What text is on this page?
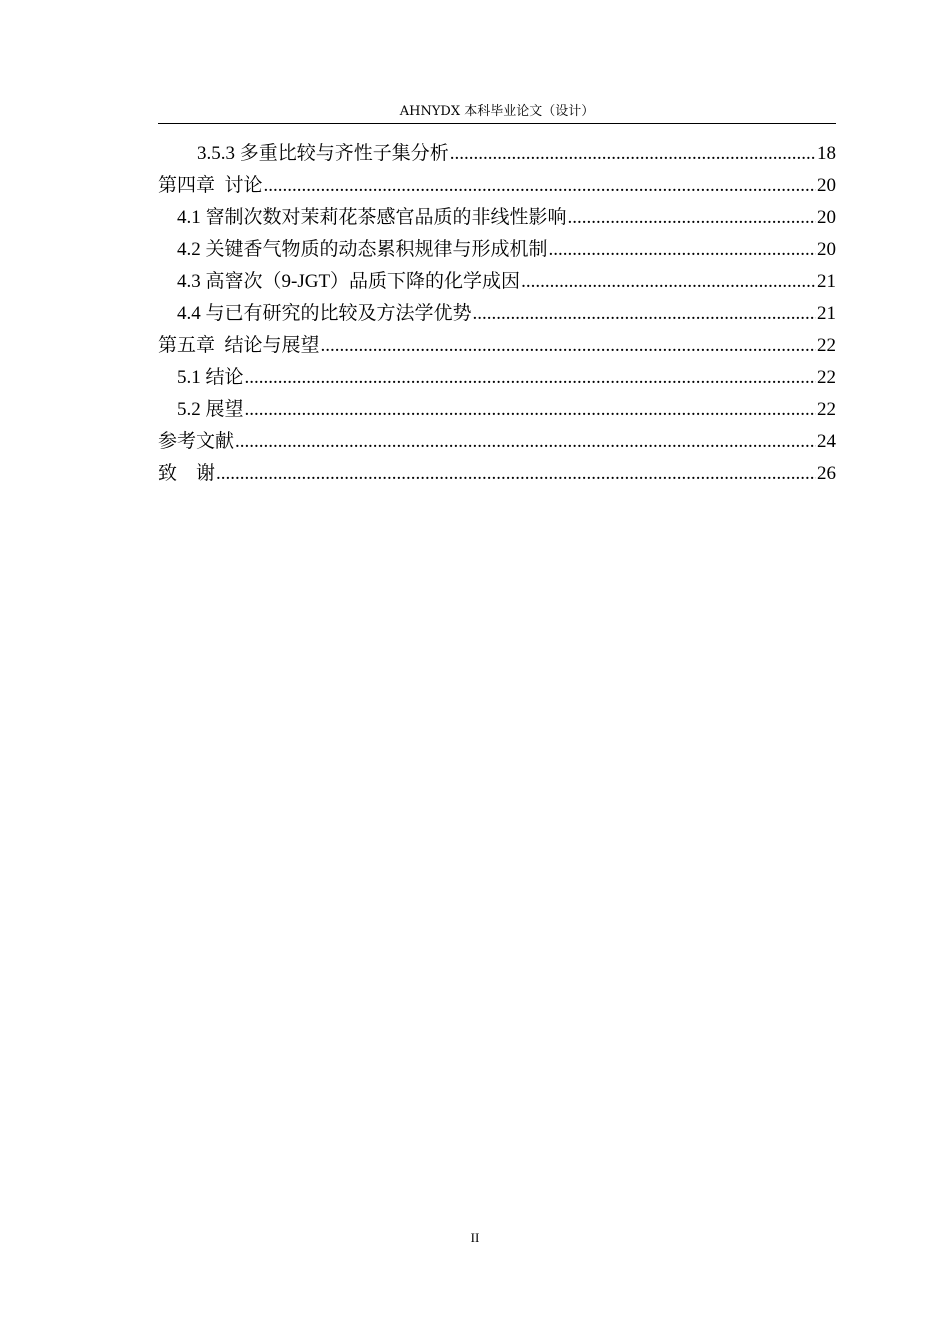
AHNYDX 本科毕业论文（设计）
3.5.3 多重比较与齐性子集分析 .....	18
第四章  讨论 .....	20
4.1 窨制次数对茉莉花茶感官品质的非线性影响 .....	20
4.2 关键香气物质的动态累积规律与形成机制 .....	20
4.3 高窨次（9-JGT）品质下降的化学成因 .....	21
4.4 与已有研究的比较及方法学优势 .....	21
第五章  结论与展望 .....	22
5.1 结论 .....	22
5.2 展望 .....	22
参考文献 .....	24
致    谢 .....	26
II
